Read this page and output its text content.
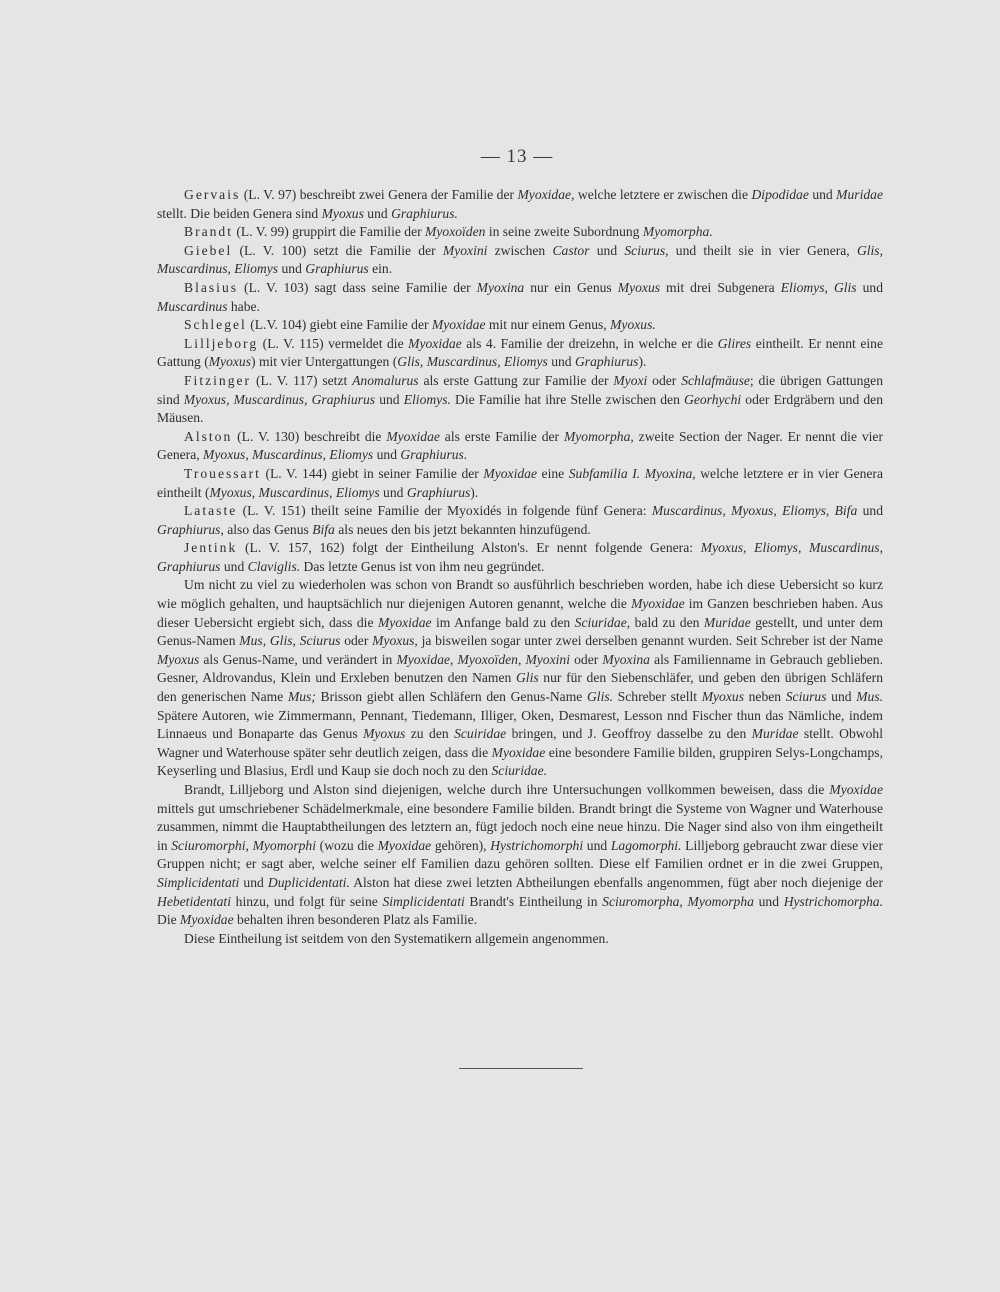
— 13 —

Gervais (L. V. 97) beschreibt zwei Genera der Familie der Myoxidae, welche letztere er zwischen die Dipodidae und Muridae stellt. Die beiden Genera sind Myoxus und Graphiurus.

Brandt (L. V. 99) gruppirt die Familie der Myoxoïden in seine zweite Subordnung Myomorpha.

Giebel (L. V. 100) setzt die Familie der Myoxini zwischen Castor und Sciurus, und theilt sie in vier Genera, Glis, Muscardinus, Eliomys und Graphiurus ein.

Blasius (L. V. 103) sagt dass seine Familie der Myoxina nur ein Genus Myoxus mit drei Subgenera Eliomys, Glis und Muscardinus habe.

Schlegel (L.V. 104) giebt eine Familie der Myoxidae mit nur einem Genus, Myoxus.

Lilljeborg (L. V. 115) vermeldet die Myoxidae als 4. Familie der dreizehn, in welche er die Glires eintheilt. Er nennt eine Gattung (Myoxus) mit vier Untergattungen (Glis, Muscardinus, Eliomys und Graphiurus).

Fitzinger (L. V. 117) setzt Anomalurus als erste Gattung zur Familie der Myoxi oder Schlafmäuse; die übrigen Gattungen sind Myoxus, Muscardinus, Graphiurus und Eliomys. Die Familie hat ihre Stelle zwischen den Georhychi oder Erdgräbern und den Mäusen.

Alston (L. V. 130) beschreibt die Myoxidae als erste Familie der Myomorpha, zweite Section der Nager. Er nennt die vier Genera, Myoxus, Muscardinus, Eliomys und Graphiurus.

Trouessart (L. V. 144) giebt in seiner Familie der Myoxidae eine Subfamilia I. Myoxina, welche letztere er in vier Genera eintheilt (Myoxus, Muscardinus, Eliomys und Graphiurus).

Lataste (L. V. 151) theilt seine Familie der Myoxidés in folgende fünf Genera: Muscardinus, Myoxus, Eliomys, Bifa und Graphiurus, also das Genus Bifa als neues den bis jetzt bekannten hinzufügend.

Jentink (L. V. 157, 162) folgt der Eintheilung Alston's. Er nennt folgende Genera: Myoxus, Eliomys, Muscardinus, Graphiurus und Claviglis. Das letzte Genus ist von ihm neu gegründet.

Um nicht zu viel zu wiederholen was schon von Brandt so ausführlich beschrieben worden, habe ich diese Uebersicht so kurz wie möglich gehalten, und hauptsächlich nur diejenigen Autoren genannt, welche die Myoxidae im Ganzen beschrieben haben. Aus dieser Uebersicht ergiebt sich, dass die Myoxidae im Anfange bald zu den Sciuridae, bald zu den Muridae gestellt, und unter dem Genus-Namen Mus, Glis, Sciurus oder Myoxus, ja bisweilen sogar unter zwei derselben genannt wurden. Seit Schreber ist der Name Myoxus als Genus-Name, und verändert in Myoxidae, Myoxoïden, Myoxini oder Myoxina als Familienname in Gebrauch geblieben. Gesner, Aldrovandus, Klein und Erxleben benutzen den Namen Glis nur für den Siebenschläfer, und geben den übrigen Schläfern den generischen Name Mus; Brisson giebt allen Schläfern den Genus-Name Glis. Schreber stellt Myoxus neben Sciurus und Mus. Spätere Autoren, wie Zimmermann, Pennant, Tiedemann, Illiger, Oken, Desmarest, Lesson nnd Fischer thun das Nämliche, indem Linnaeus und Bonaparte das Genus Myoxus zu den Scuiridae bringen, und J. Geoffroy dasselbe zu den Muridae stellt. Obwohl Wagner und Waterhouse später sehr deutlich zeigen, dass die Myoxidae eine besondere Familie bilden, gruppiren Selys-Longchamps, Keyserling und Blasius, Erdl und Kaup sie doch noch zu den Sciuridae.

Brandt, Lilljeborg und Alston sind diejenigen, welche durch ihre Untersuchungen vollkommen beweisen, dass die Myoxidae mittels gut umschriebener Schädelmerkmale, eine besondere Familie bilden. Brandt bringt die Systeme von Wagner und Waterhouse zusammen, nimmt die Hauptabtheilungen des letztern an, fügt jedoch noch eine neue hinzu. Die Nager sind also von ihm eingetheilt in Sciuromorphi, Myomorphi (wozu die Myoxidae gehören), Hystrichomorphi und Lagomorphi. Lilljeborg gebraucht zwar diese vier Gruppen nicht; er sagt aber, welche seiner elf Familien dazu gehören sollten. Diese elf Familien ordnet er in die zwei Gruppen, Simplicidentati und Duplicidentati. Alston hat diese zwei letzten Abtheilungen ebenfalls angenommen, fügt aber noch diejenige der Hebetidentati hinzu, und folgt für seine Simplicidentati Brandt's Eintheilung in Sciuromorpha, Myomorpha und Hystrichomorpha. Die Myoxidae behalten ihren besonderen Platz als Familie.

Diese Eintheilung ist seitdem von den Systematikern allgemein angenommen.
